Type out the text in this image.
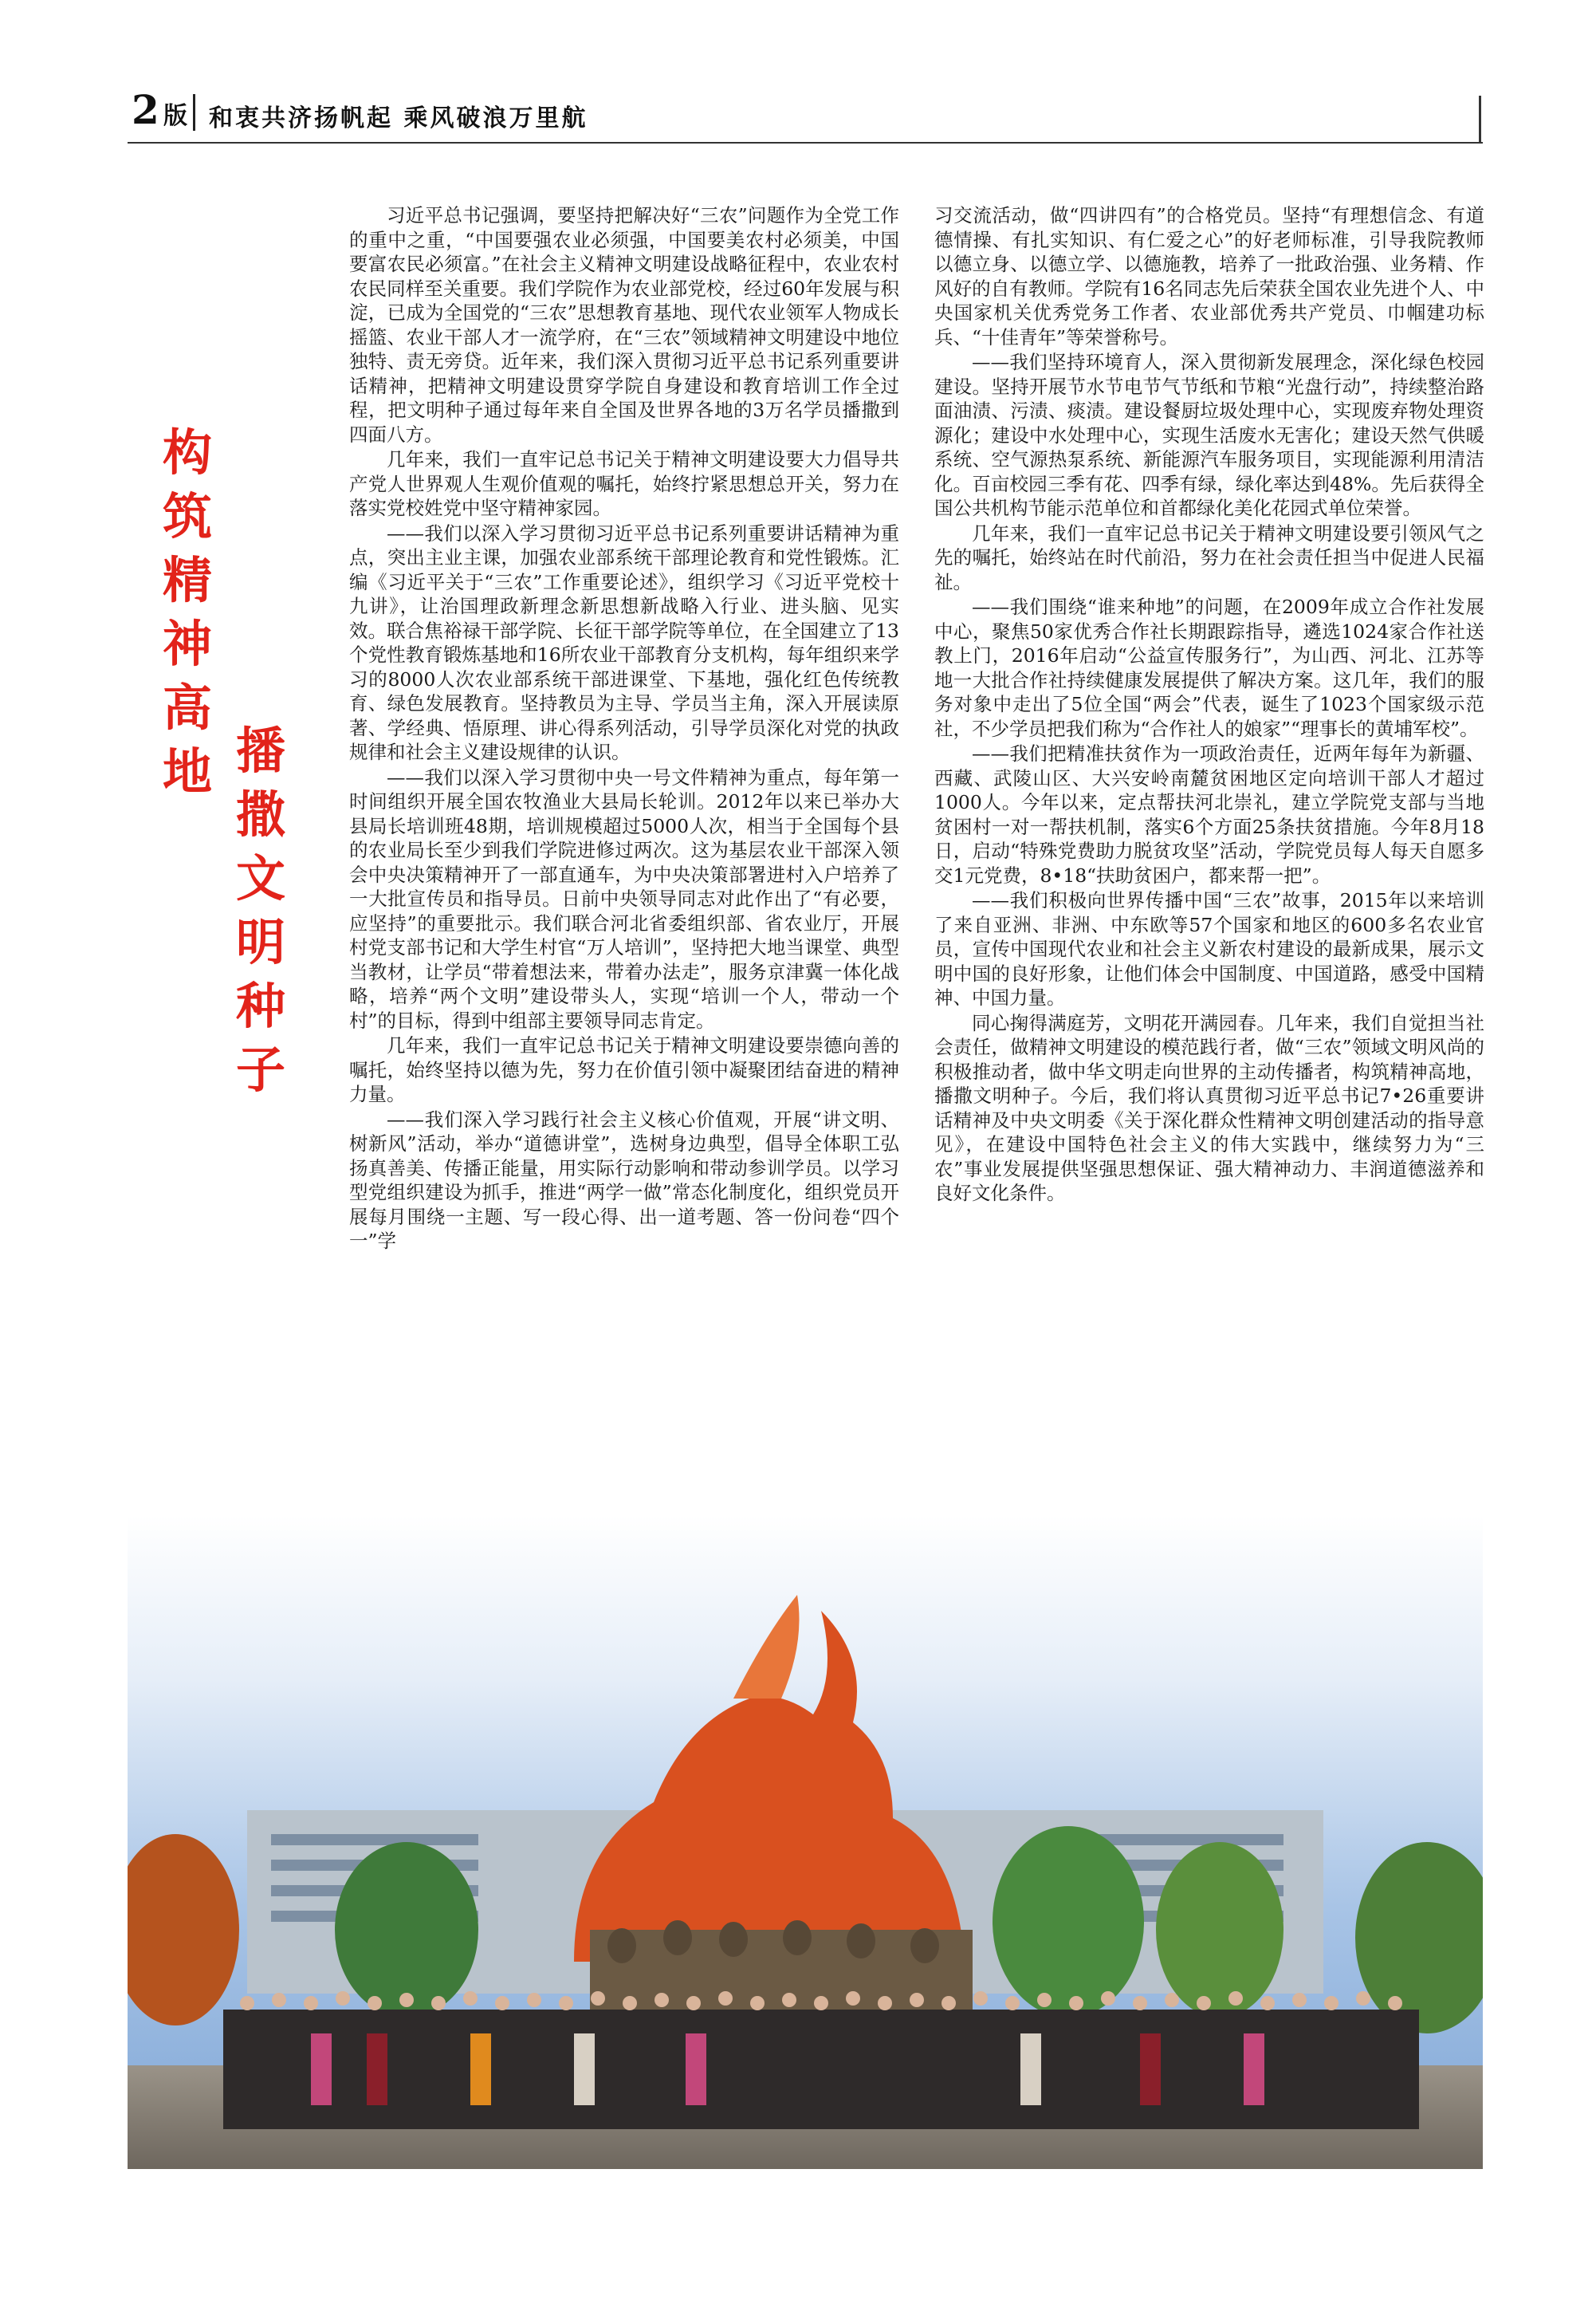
2 版 和衷共济扬帆起 乘风破浪万里航
构
筑
精
神
高
地 播
撒
文
明
种
子

习近平总书记强调，要坚持把解决好“三农”问题作为全党工作的重中之重，“中国要强农业必须强，中国要美农村必须美，中国要富农民必须富。”在社会主义精神文明建设战略征程中，农业农村农民同样至关重要。我们学院作为农业部党校，经过60年发展与积淀，已成为全国党的“三农”思想教育基地、现代农业领军人物成长摇篮、农业干部人才一流学府，在“三农”领域精神文明建设中地位独特、责无旁贷。近年来，我们深入贯彻习近平总书记系列重要讲话精神，把精神文明建设贯穿学院自身建设和教育培训工作全过程，把文明种子通过每年来自全国及世界各地的3万名学员播撒到四面八方。

几年来，我们一直牢记总书记关于精神文明建设要大力倡导共产党人世界观人生观价值观的嘱托，始终拧紧思想总开关，努力在落实党校姓党中坚守精神家园。

——我们以深入学习贯彻习近平总书记系列重要讲话精神为重点，突出主业主课，加强农业部系统干部理论教育和党性锻炼。汇编《习近平关于“三农”工作重要论述》，组织学习《习近平党校十九讲》，让治国理政新理念新思想新战略入行业、进头脑、见实效。联合焦裕禄干部学院、长征干部学院等单位，在全国建立了13个党性教育锻炼基地和16所农业干部教育分支机构，每年组织来学习的8000人次农业部系统干部进课堂、下基地，强化红色传统教育、绿色发展教育。坚持教员为主导、学员当主角，深入开展读原著、学经典、悟原理、讲心得系列活动，引导学员深化对党的执政规律和社会主义建设规律的认识。

——我们以深入学习贯彻中央一号文件精神为重点，每年第一时间组织开展全国农牧渔业大县局长轮训。2012年以来已举办大县局长培训班48期，培训规模超过5000人次，相当于全国每个县的农业局长至少到我们学院进修过两次。这为基层农业干部深入领会中央决策精神开了一部直通车，为中央决策部署进村入户培养了一大批宣传员和指导员。日前中央领导同志对此作出了“有必要，应坚持”的重要批示。我们联合河北省委组织部、省农业厅，开展村党支部书记和大学生村官“万人培训”，坚持把大地当课堂、典型当教材，让学员“带着想法来，带着办法走”，服务京津冀一体化战略，培养“两个文明”建设带头人，实现“培训一个人，带动一个村”的目标，得到中组部主要领导同志肯定。

几年来，我们一直牢记总书记关于精神文明建设要崇德向善的嘱托，始终坚持以德为先，努力在价值引领中凝聚团结奋进的精神力量。

——我们深入学习践行社会主义核心价值观，开展“讲文明、树新风”活动，举办“道德讲堂”，选树身边典型，倡导全体职工弘扬真善美、传播正能量，用实际行动影响和带动参训学员。以学习型党组织建设为抓手，推进“两学一做”常态化制度化，组织党员开展每月围绕一主题、写一段心得、出一道考题、答一份问卷“四个一”学

习交流活动，做“四讲四有”的合格党员。坚持“有理想信念、有道德情操、有扎实知识、有仁爱之心”的好老师标准，引导我院教师以德立身、以德立学、以德施教，培养了一批政治强、业务精、作风好的自有教师。学院有16名同志先后荣获全国农业先进个人、中央国家机关优秀党务工作者、农业部优秀共产党员、巾帼建功标兵、“十佳青年”等荣誉称号。

——我们坚持环境育人，深入贯彻新发展理念，深化绿色校园建设。坚持开展节水节电节气节纸和节粮“光盘行动”，持续整治路面油渍、污渍、痰渍。建设餐厨垃圾处理中心，实现废弃物处理资源化；建设中水处理中心，实现生活废水无害化；建设天然气供暖系统、空气源热泵系统、新能源汽车服务项目，实现能源利用清洁化。百亩校园三季有花、四季有绿，绿化率达到48%。先后获得全国公共机构节能示范单位和首都绿化美化花园式单位荣誉。

几年来，我们一直牢记总书记关于精神文明建设要引领风气之先的嘱托，始终站在时代前沿，努力在社会责任担当中促进人民福祉。

——我们围绕“谁来种地”的问题，在2009年成立合作社发展中心，聚焦50家优秀合作社长期跟踪指导，遴选1024家合作社送教上门，2016年启动“公益宣传服务行”，为山西、河北、江苏等地一大批合作社持续健康发展提供了解决方案。这几年，我们的服务对象中走出了5位全国“两会”代表，诞生了1023个国家级示范社，不少学员把我们称为“合作社人的娘家”“理事长的黄埔军校”。

——我们把精准扶贫作为一项政治责任，近两年每年为新疆、西藏、武陵山区、大兴安岭南麓贫困地区定向培训干部人才超过1000人。今年以来，定点帮扶河北崇礼，建立学院党支部与当地贫困村一对一帮扶机制，落实6个方面25条扶贫措施。今年8月18日，启动“特殊党费助力脱贫攻坚”活动，学院党员每人每天自愿多交1元党费，8•18“扶助贫困户，都来帮一把”。

——我们积极向世界传播中国“三农”故事，2015年以来培训了来自亚洲、非洲、中东欧等57个国家和地区的600多名农业官员，宣传中国现代农业和社会主义新农村建设的最新成果，展示文明中国的良好形象，让他们体会中国制度、中国道路，感受中国精神、中国力量。

同心掬得满庭芳，文明花开满园春。几年来，我们自觉担当社会责任，做精神文明建设的模范践行者，做“三农”领域文明风尚的积极推动者，做中华文明走向世界的主动传播者，构筑精神高地，播撒文明种子。今后，我们将认真贯彻习近平总书记7•26重要讲话精神及中央文明委《关于深化群众性精神文明创建活动的指导意见》，在建设中国特色社会主义的伟大实践中，继续努力为“三农”事业发展提供坚强思想保证、强大精神动力、丰润道德滋养和良好文化条件。
